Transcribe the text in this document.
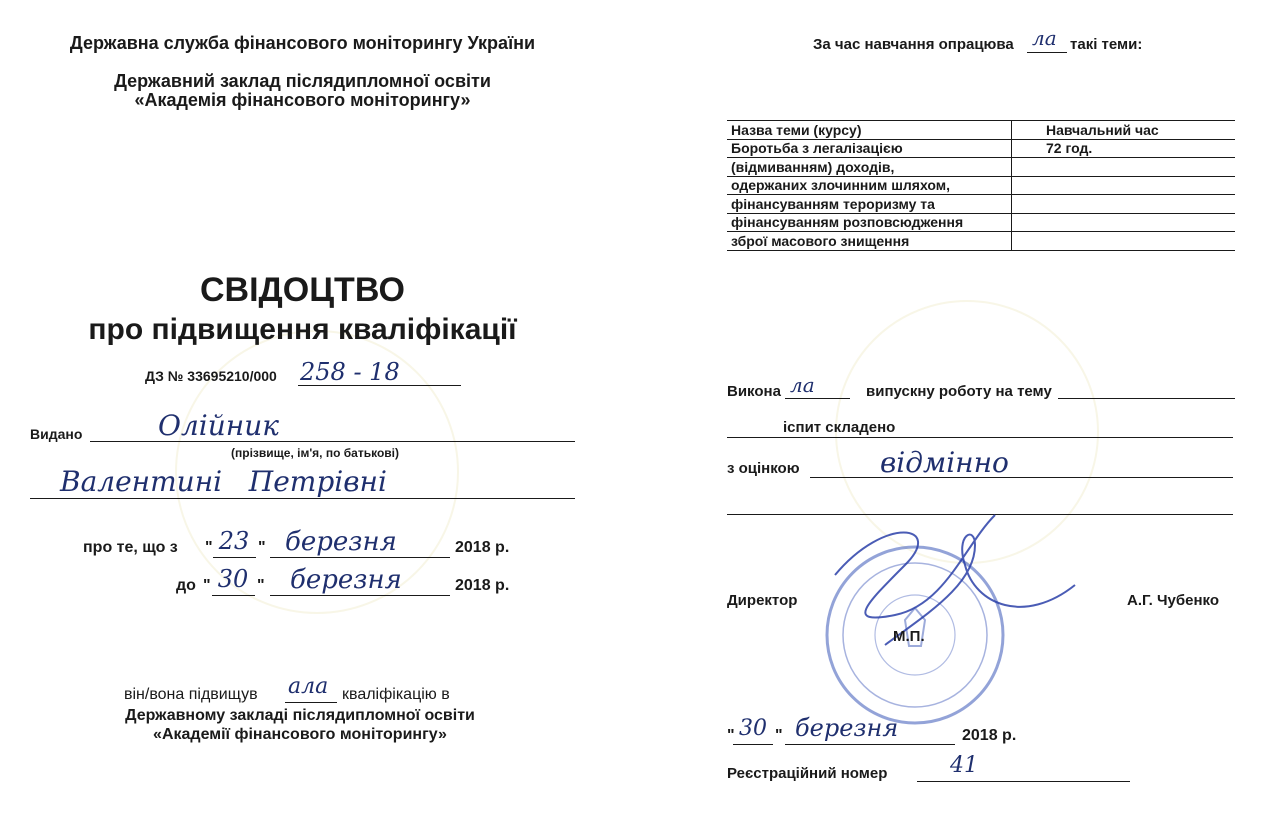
Державна служба фінансового моніторингу України
Державний заклад післядипломної освіти
«Академія фінансового моніторингу»
СВІДОЦТВО
про підвищення кваліфікації
ДЗ № 33695210/000 258 - 18
Видано	Олійник
(прізвище, ім'я, по батькові)
Валентині   Петрівні
про те, що з " 23 " березня	2018 р.
до " 30 " березня	2018 р.
він/вона підвищув ала кваліфікацію в
Державному закладі післядипломної освіти
«Академії фінансового моніторингу»
За час навчання опрацюва ла такі теми:
Назва теми (курсу)	Навчальний час
Боротьба з легалізацією	72 год.
(відмиванням) доходів,	
одержаних злочинним шляхом,	
фінансуванням тероризму та	
фінансуванням розповсюдження	
зброї масового знищення	
Викона ла	випускну роботу на тему
іспит складено
з оцінкою	відмінно
Директор	А.Г. Чубенко
М.П.
" 30 " березня	2018 р.
Реєстраційний номер	41
